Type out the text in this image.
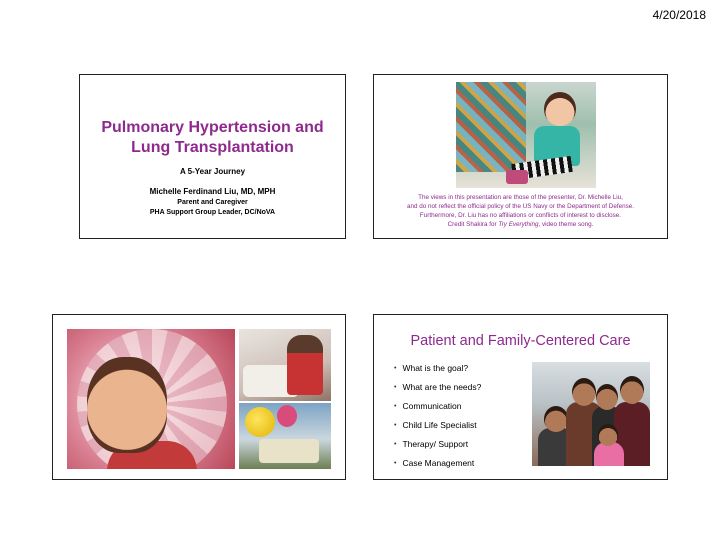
4/20/2018
Pulmonary Hypertension and
Lung Transplantation
A 5-Year Journey
Michelle Ferdinand Liu, MD, MPH
Parent and Caregiver
PHA Support Group Leader, DC/NoVA
The views in this presentation are those of the presenter, Dr. Michelle Liu,
and do not reflect the official policy of the US Navy or the Department of Defense.
Furthermore, Dr. Liu has no affiliations or conflicts of interest to disclose.
Credit Shakira for Try Everything, video theme song.
Patient and Family-Centered Care
• What is the goal?
• What are the needs?
• Communication
• Child Life Specialist
• Therapy/ Support
• Case Management
